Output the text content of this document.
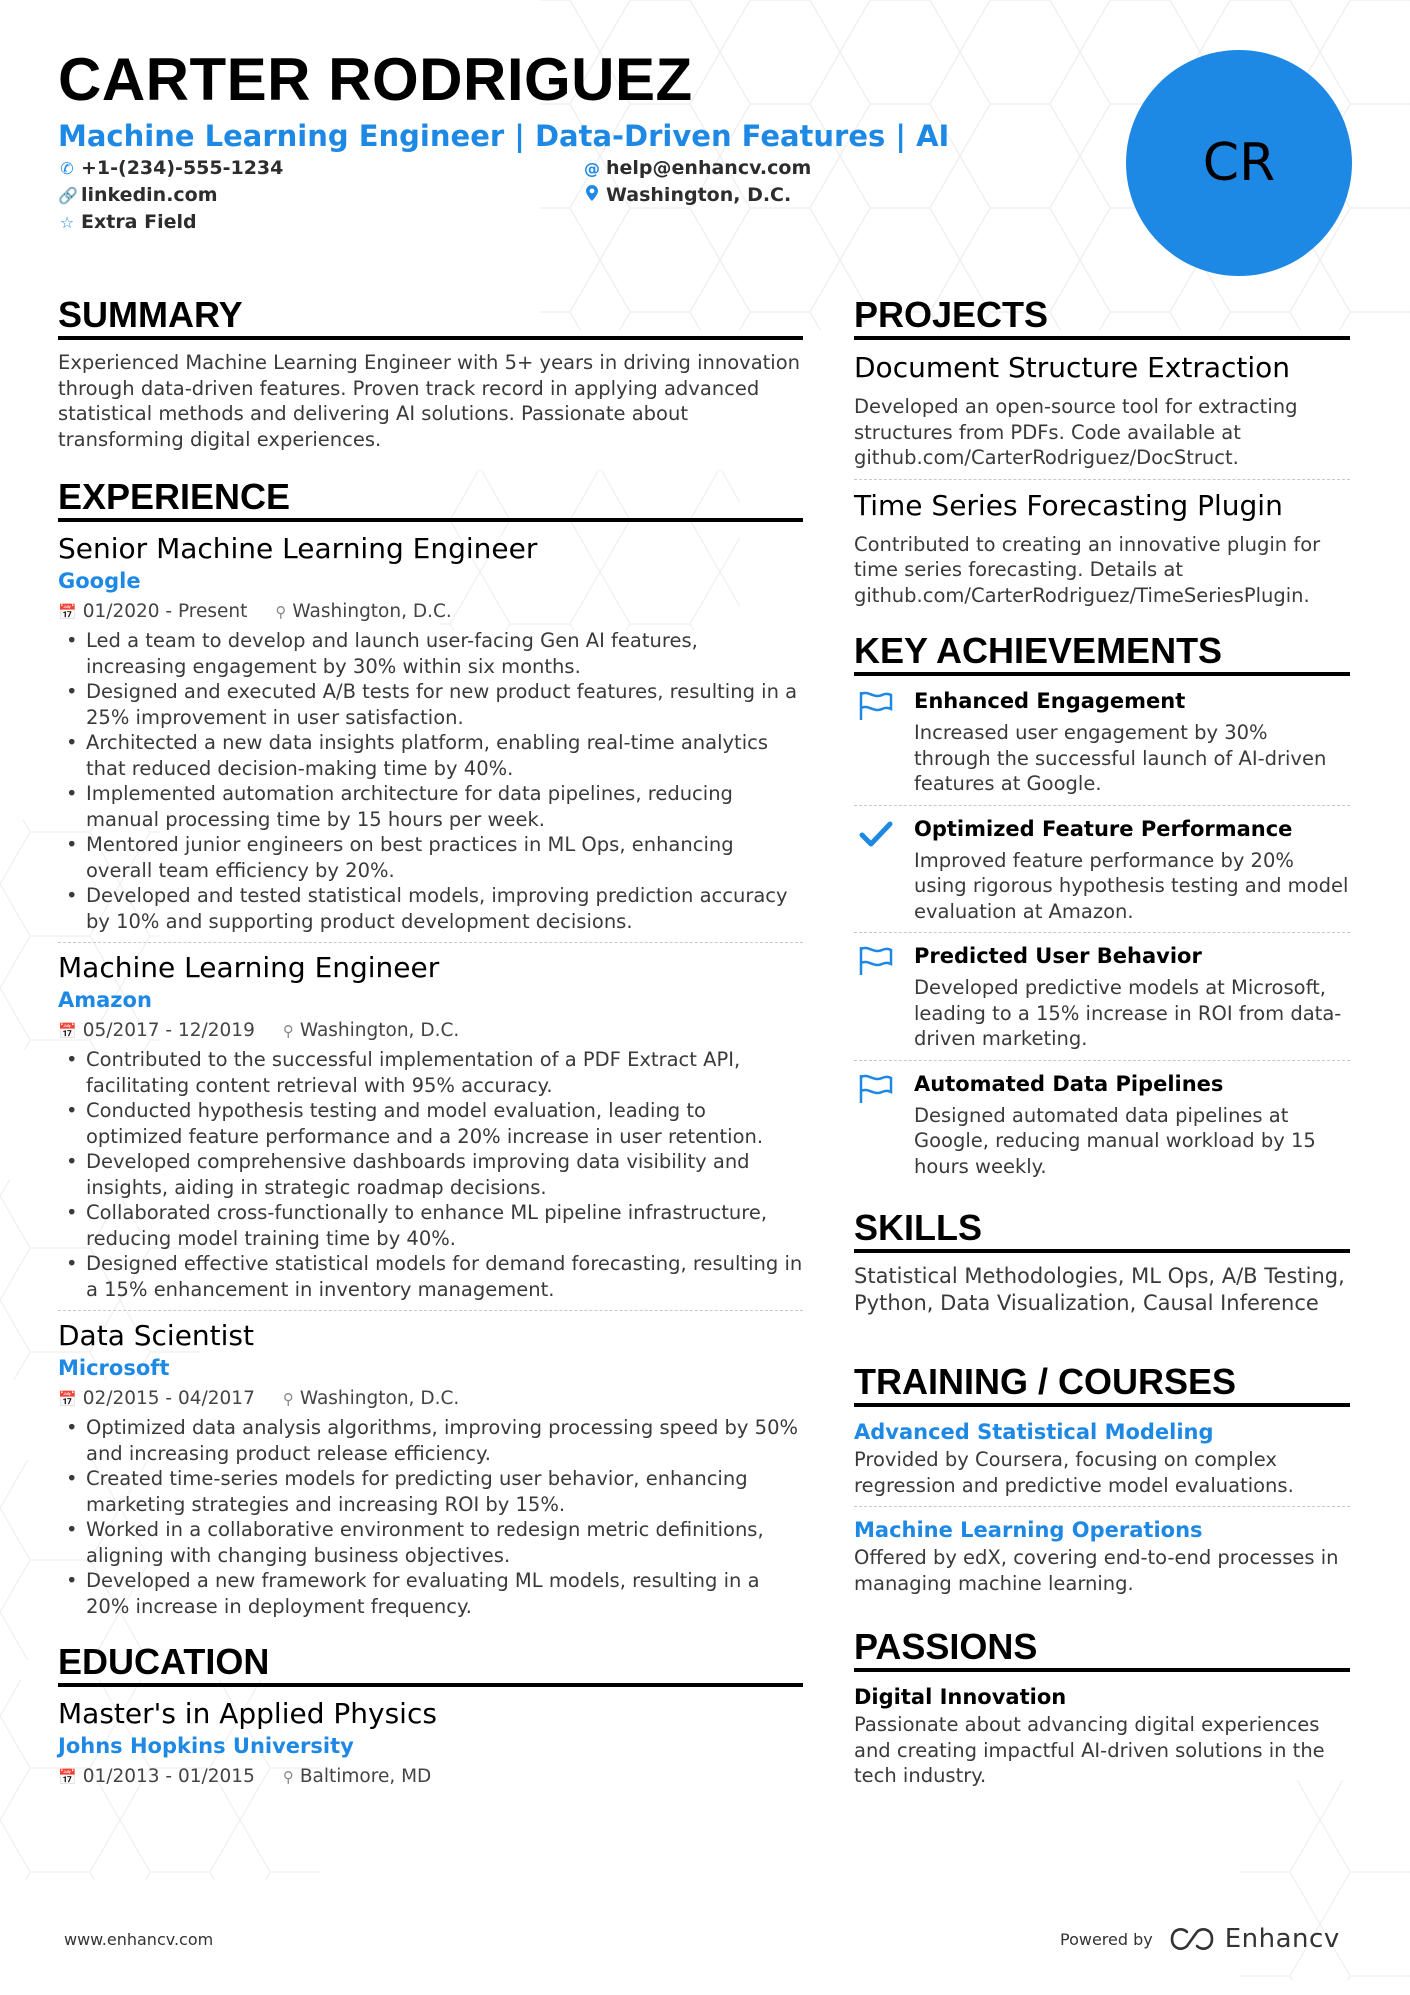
CARTER RODRIGUEZ
Machine Learning Engineer | Data-Driven Features | AI
✆ +1-(234)-555-1234	@ help@enhancv.com
🔗 linkedin.com	Washington, D.C.
☆ Extra Field
CR
SUMMARY
Experienced Machine Learning Engineer with 5+ years in driving innovation through data-driven features. Proven track record in applying advanced statistical methods and delivering AI solutions. Passionate about transforming digital experiences.
EXPERIENCE
Senior Machine Learning Engineer
Google
📅 01/2020 - Present ⚲ Washington, D.C.
• Led a team to develop and launch user-facing Gen AI features, increasing engagement by 30% within six months.
• Designed and executed A/B tests for new product features, resulting in a 25% improvement in user satisfaction.
• Architected a new data insights platform, enabling real-time analytics that reduced decision-making time by 40%.
• Implemented automation architecture for data pipelines, reducing manual processing time by 15 hours per week.
• Mentored junior engineers on best practices in ML Ops, enhancing overall team efficiency by 20%.
• Developed and tested statistical models, improving prediction accuracy by 10% and supporting product development decisions.
Machine Learning Engineer
Amazon
📅 05/2017 - 12/2019 ⚲ Washington, D.C.
• Contributed to the successful implementation of a PDF Extract API, facilitating content retrieval with 95% accuracy.
• Conducted hypothesis testing and model evaluation, leading to optimized feature performance and a 20% increase in user retention.
• Developed comprehensive dashboards improving data visibility and insights, aiding in strategic roadmap decisions.
• Collaborated cross-functionally to enhance ML pipeline infrastructure, reducing model training time by 40%.
• Designed effective statistical models for demand forecasting, resulting in a 15% enhancement in inventory management.
Data Scientist
Microsoft
📅 02/2015 - 04/2017 ⚲ Washington, D.C.
• Optimized data analysis algorithms, improving processing speed by 50% and increasing product release efficiency.
• Created time-series models for predicting user behavior, enhancing marketing strategies and increasing ROI by 15%.
• Worked in a collaborative environment to redesign metric definitions, aligning with changing business objectives.
• Developed a new framework for evaluating ML models, resulting in a 20% increase in deployment frequency.
EDUCATION
Master's in Applied Physics
Johns Hopkins University
📅 01/2013 - 01/2015 ⚲ Baltimore, MD
PROJECTS
Document Structure Extraction
Developed an open-source tool for extracting structures from PDFs. Code available at github.com/CarterRodriguez/DocStruct.
Time Series Forecasting Plugin
Contributed to creating an innovative plugin for time series forecasting. Details at github.com/CarterRodriguez/TimeSeriesPlugin.
KEY ACHIEVEMENTS
Enhanced Engagement
Increased user engagement by 30% through the successful launch of AI-driven features at Google.
Optimized Feature Performance
Improved feature performance by 20% using rigorous hypothesis testing and model evaluation at Amazon.
Predicted User Behavior
Developed predictive models at Microsoft, leading to a 15% increase in ROI from data-driven marketing.
Automated Data Pipelines
Designed automated data pipelines at Google, reducing manual workload by 15 hours weekly.
SKILLS
Statistical Methodologies, ML Ops, A/B Testing, Python, Data Visualization, Causal Inference
TRAINING / COURSES
Advanced Statistical Modeling
Provided by Coursera, focusing on complex regression and predictive model evaluations.
Machine Learning Operations
Offered by edX, covering end-to-end processes in managing machine learning.
PASSIONS
Digital Innovation
Passionate about advancing digital experiences and creating impactful AI-driven solutions in the tech industry.
www.enhancv.com	Powered by	Enhancv
